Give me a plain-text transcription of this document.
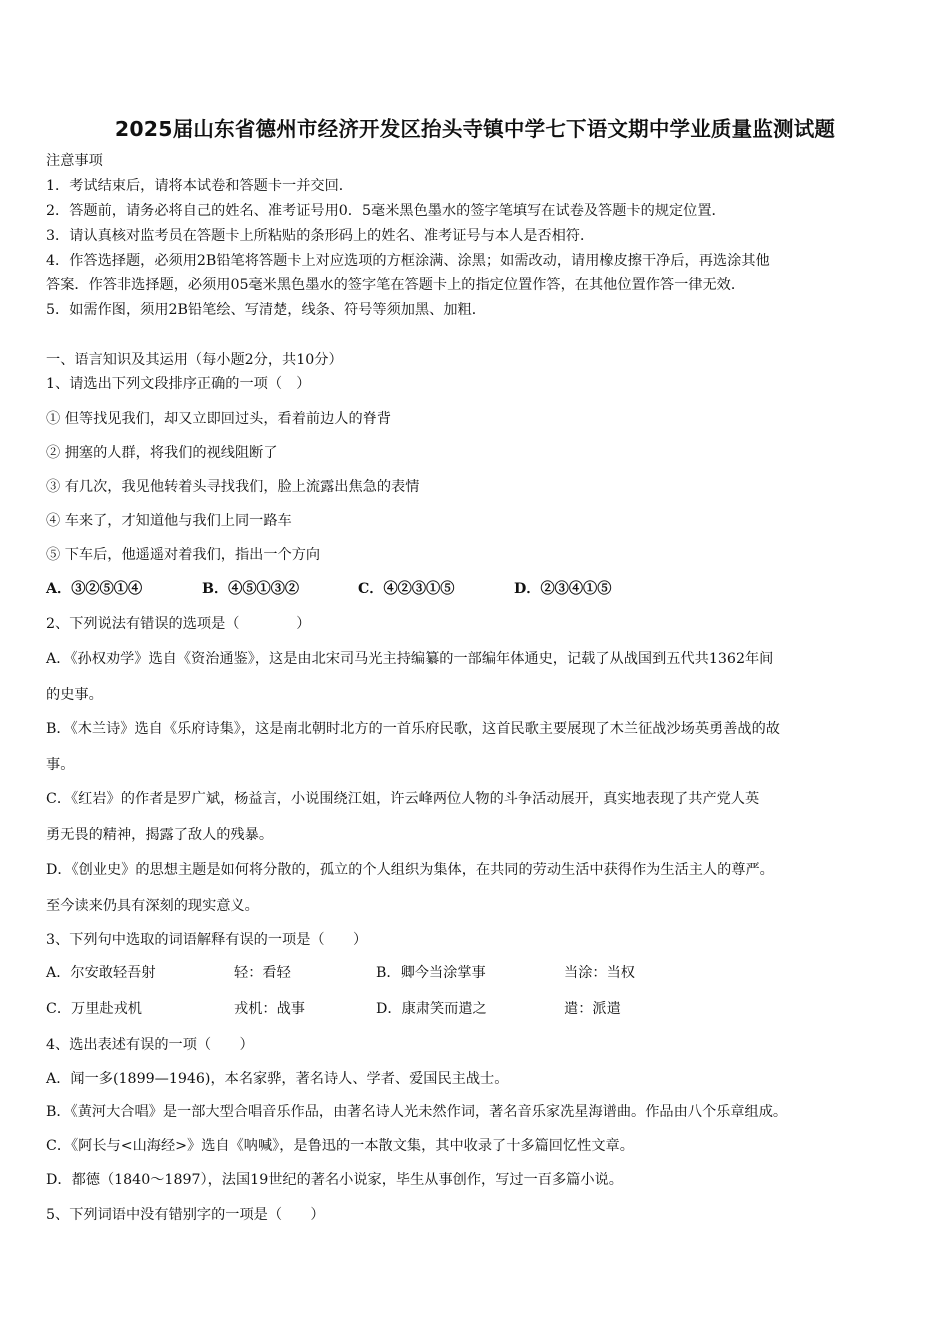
2025届山东省德州市经济开发区抬头寺镇中学七下语文期中学业质量监测试题
注意事项
1．考试结束后，请将本试卷和答题卡一并交回．
2．答题前，请务必将自己的姓名、准考证号用0．5毫米黑色墨水的签字笔填写在试卷及答题卡的规定位置．
3．请认真核对监考员在答题卡上所粘贴的条形码上的姓名、准考证号与本人是否相符．
4．作答选择题，必须用2B铅笔将答题卡上对应选项的方框涂满、涂黑；如需改动，请用橡皮擦干净后，再选涂其他
答案．作答非选择题，必须用05毫米黑色墨水的签字笔在答题卡上的指定位置作答，在其他位置作答一律无效．
5．如需作图，须用2B铅笔绘、写清楚，线条、符号等须加黑、加粗．
一、语言知识及其运用（每小题2分，共10分）
1、请选出下列文段排序正确的一项（　）
① 但等找见我们，却又立即回过头，看着前边人的脊背
② 拥塞的人群，将我们的视线阻断了
③ 有几次，我见他转着头寻找我们，脸上流露出焦急的表情
④ 车来了，才知道他与我们上同一路车
⑤ 下车后，他遥遥对着我们，指出一个方向
A．③②⑤①④	B．④⑤①③②	C．④②③①⑤	D．②③④①⑤
2、下列说法有错误的选项是（　　　　）
A．《孙权劝学》选自《资治通鉴》，这是由北宋司马光主持编纂的一部编年体通史，记载了从战国到五代共1362年间
的史事。
B．《木兰诗》选自《乐府诗集》，这是南北朝时北方的一首乐府民歌，这首民歌主要展现了木兰征战沙场英勇善战的故
事。
C．《红岩》的作者是罗广斌，杨益言，小说围绕江姐，许云峰两位人物的斗争活动展开，真实地表现了共产党人英
勇无畏的精神，揭露了敌人的残暴。
D．《创业史》的思想主题是如何将分散的，孤立的个人组织为集体，在共同的劳动生活中获得作为生活主人的尊严。
至今读来仍具有深刻的现实意义。
3、下列句中选取的词语解释有误的一项是（　　）
A．尔安敢轻吾射	轻：看轻	B．卿今当涂掌事	当涂：当权
C．万里赴戎机	戎机：战事	D．康肃笑而遣之	遣：派遣
4、选出表述有误的一项（　　）
A．闻一多(1899—1946)，本名家骅，著名诗人、学者、爱国民主战士。
B．《黄河大合唱》是一部大型合唱音乐作品，由著名诗人光未然作词，著名音乐家冼星海谱曲。作品由八个乐章组成。
C．《阿长与<山海经>》选自《呐喊》，是鲁迅的一本散文集，其中收录了十多篇回忆性文章。
D．都德（1840～1897），法国19世纪的著名小说家，毕生从事创作，写过一百多篇小说。
5、下列词语中没有错别字的一项是（　　）
